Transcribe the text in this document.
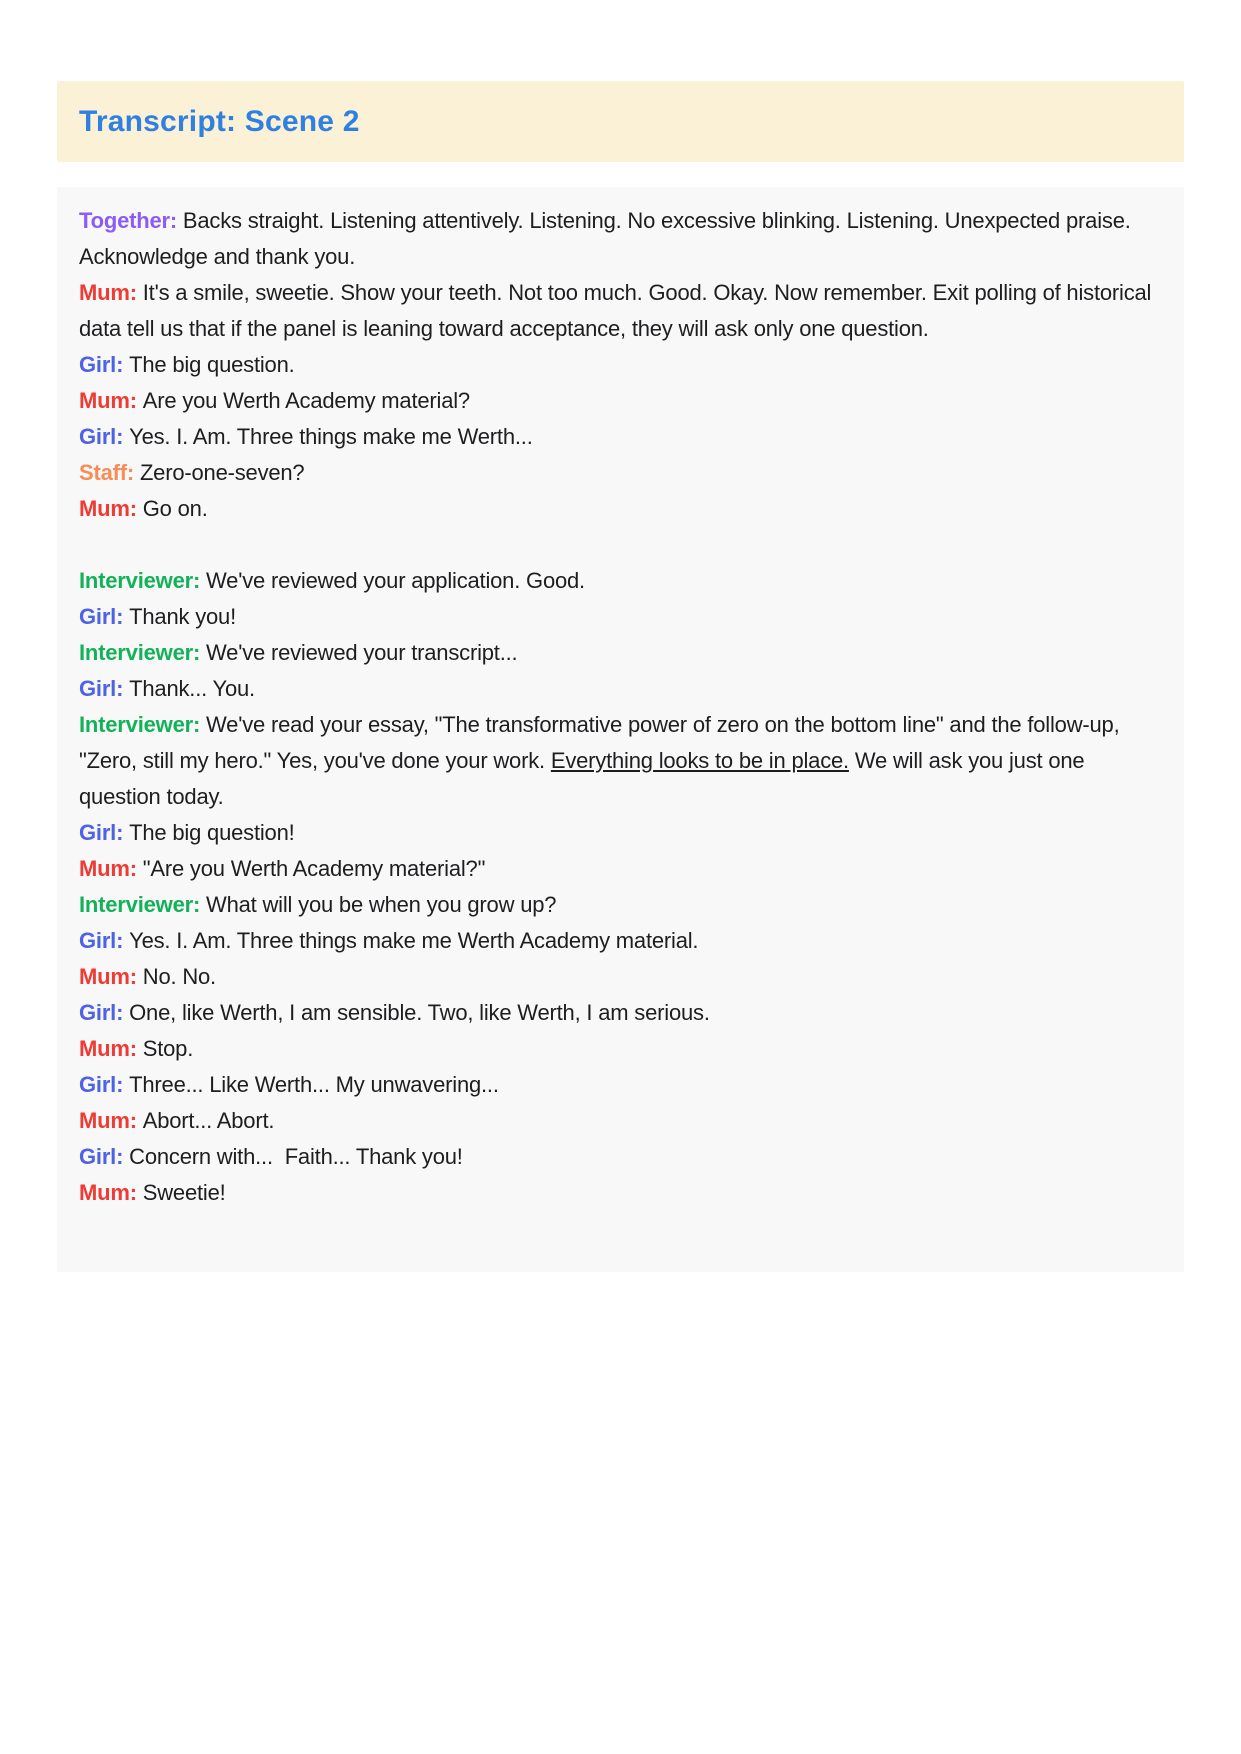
Transcript: Scene 2

Together: Backs straight. Listening attentively. Listening. No excessive blinking. Listening. Unexpected praise. Acknowledge and thank you.

Mum: It's a smile, sweetie. Show your teeth. Not too much. Good. Okay. Now remember. Exit polling of historical data tell us that if the panel is leaning toward acceptance, they will ask only one question.

Girl: The big question.

Mum: Are you Werth Academy material?

Girl: Yes. I. Am. Three things make me Werth...

Staff: Zero-one-seven?

Mum: Go on.

Interviewer: We've reviewed your application. Good.

Girl: Thank you!

Interviewer: We've reviewed your transcript...

Girl: Thank... You.

Interviewer: We've read your essay, "The transformative power of zero on the bottom line" and the follow-up, "Zero, still my hero." Yes, you've done your work. Everything looks to be in place. We will ask you just one question today.

Girl: The big question!

Mum: "Are you Werth Academy material?"

Interviewer: What will you be when you grow up?

Girl: Yes. I. Am. Three things make me Werth Academy material.

Mum: No. No.

Girl: One, like Werth, I am sensible. Two, like Werth, I am serious.

Mum: Stop.

Girl: Three... Like Werth... My unwavering...

Mum: Abort... Abort.

Girl: Concern with...  Faith... Thank you!

Mum: Sweetie!
